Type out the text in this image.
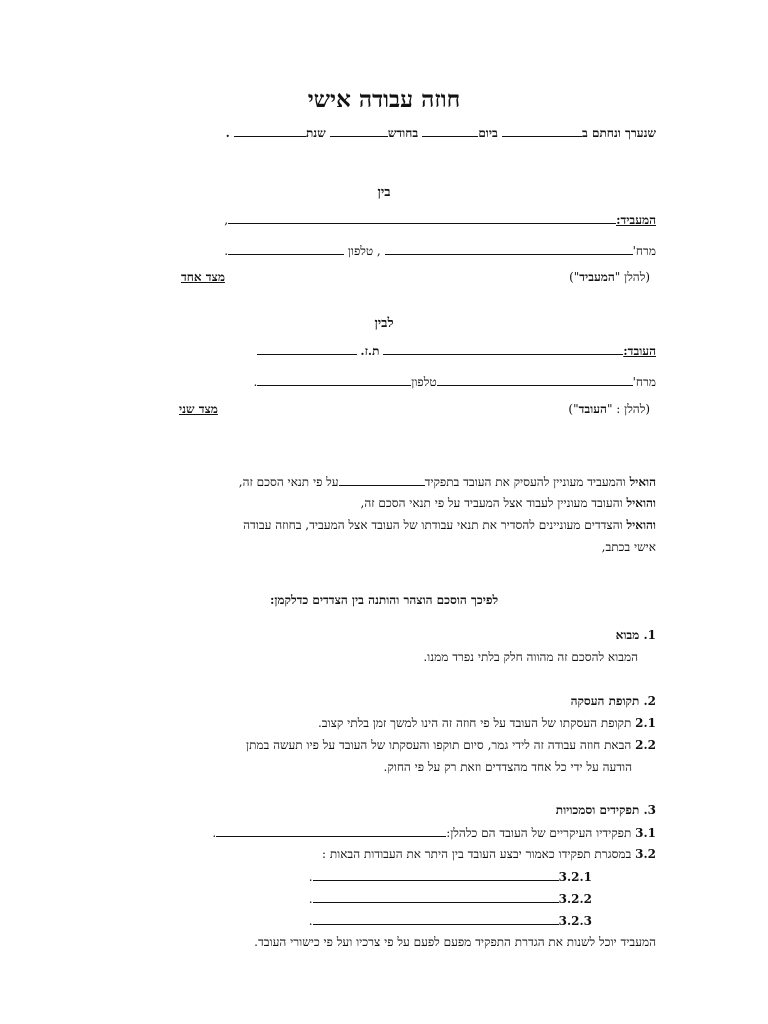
חוזה עבודה אישי
שנערך ונחתם ב ביום בחודש שנת .
בין
המעביד:,
מרח' , טלפון .
(להלן "המעביד")
מצד אחד
לבין
העובד: ת.ז.
מרח'טלפון.
(להלן : "העובד")
מצד שני
הואיל והמעביד מעוניין להעסיק את העובד בתפקידעל פי תנאי הסכם זה,
והואיל והעובד מעוניין לעבוד אצל המעביד על פי תנאי הסכם זה,
והואיל והצדדים מעוניינים להסדיר את תנאי עבודתו של העובד אצל המעביד, בחוזה עבודה
אישי בכתב,
לפיכך הוסכם הוצהר והותנה בין הצדדים כדלקמן:
1. מבוא
המבוא להסכם זה מהווה חלק בלתי נפרד ממנו.
2. תקופת העסקה
2.1 תקופת העסקתו של העובד על פי חוזה זה הינו למשך זמן בלתי קצוב.
2.2 הבאת חוזה עבודה זה לידי גמר, סיום תוקפו והעסקתו של העובד על פיו תעשה במתן
הודעה על ידי כל אחד מהצדדים וזאת רק על פי החוק.
3. תפקידים וסמכויות
3.1 תפקידיו העיקריים של העובד הם כלהלן:.
3.2 במסגרת תפקידו כאמור יבצע העובד בין היתר את העבודות הבאות :
3.2.1.
3.2.2.
3.2.3.
המעביד יוכל לשנות את הגדרת התפקיד מפעם לפעם על פי צרכיו ועל פי כישורי העובד.
